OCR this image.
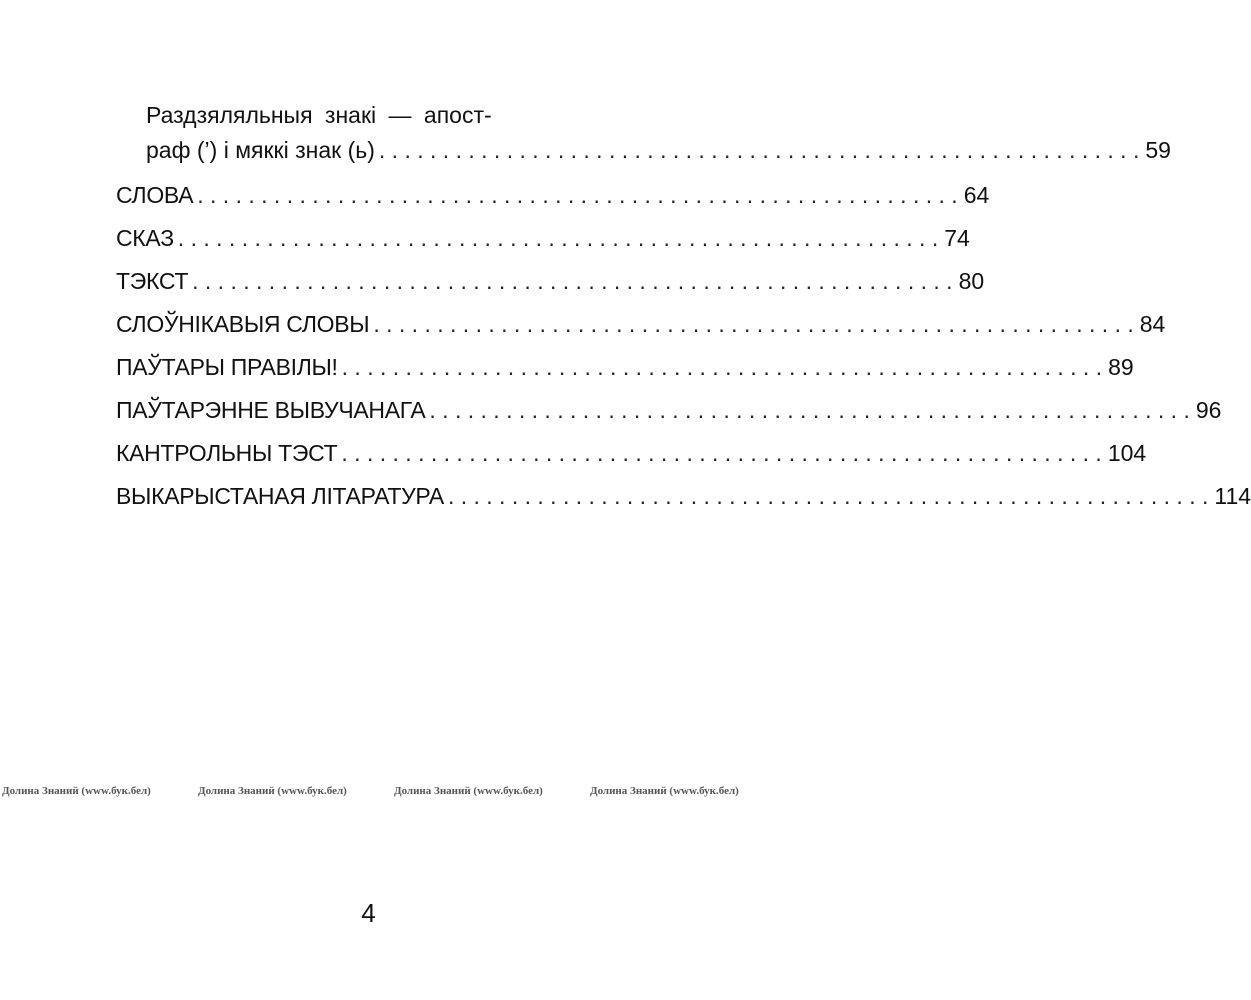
Раздзяляльныя знакі — апост-
раф (’) і мяккі знак (ь) . . .	59
СЛОВА . . .	64
СКАЗ . . .	74
ТЭКСТ . . .	80
СЛОЎНІКАВЫЯ СЛОВЫ . . .	84
ПАЎТАРЫ ПРАВІЛЫ! . . .	89
ПАЎТАРЭННЕ ВЫВУЧАНАГА . . .	96
КАНТРОЛЬНЫ ТЭСТ . . .	104
ВЫКАРЫСТАНАЯ ЛІТАРАТУРА . . .	114
Долина Знаний (www.бук.бел)	Долина Знаний (www.бук.бел)	Долина Знаний (www.бук.бел)	Долина Знаний (www.бук.бел)
4
